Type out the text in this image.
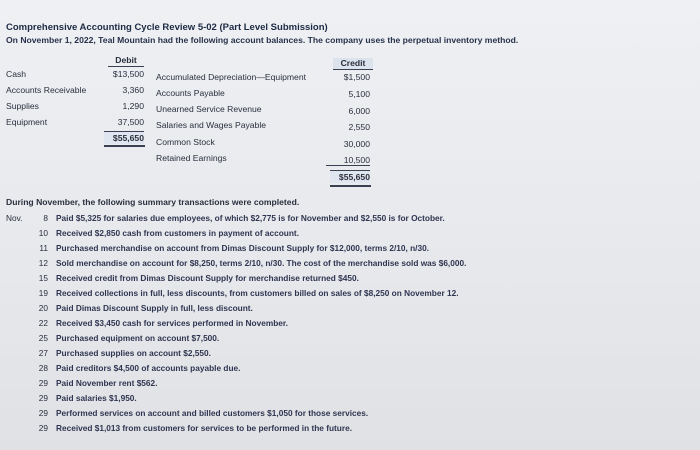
Comprehensive Accounting Cycle Review 5-02 (Part Level Submission)
On November 1, 2022, Teal Mountain had the following account balances. The company uses the perpetual inventory method.
Debit	Credit
Cash	$13,500
Accounts Receivable	3,360
Supplies	1,290
Equipment	37,500
$55,650
Accumulated Depreciation—Equipment	$1,500
Accounts Payable	5,100
Unearned Service Revenue	6,000
Salaries and Wages Payable	2,550
Common Stock	30,000
Retained Earnings	10,500
$55,650
During November, the following summary transactions were completed.
Nov.	8 Paid $5,325 for salaries due employees, of which $2,775 is for November and $2,550 is for October.
10 Received $2,850 cash from customers in payment of account.
11 Purchased merchandise on account from Dimas Discount Supply for $12,000, terms 2/10, n/30.
12 Sold merchandise on account for $8,250, terms 2/10, n/30. The cost of the merchandise sold was $6,000.
15 Received credit from Dimas Discount Supply for merchandise returned $450.
19 Received collections in full, less discounts, from customers billed on sales of $8,250 on November 12.
20 Paid Dimas Discount Supply in full, less discount.
22 Received $3,450 cash for services performed in November.
25 Purchased equipment on account $7,500.
27 Purchased supplies on account $2,550.
28 Paid creditors $4,500 of accounts payable due.
29 Paid November rent $562.
29 Paid salaries $1,950.
29 Performed services on account and billed customers $1,050 for those services.
29 Received $1,013 from customers for services to be performed in the future.
